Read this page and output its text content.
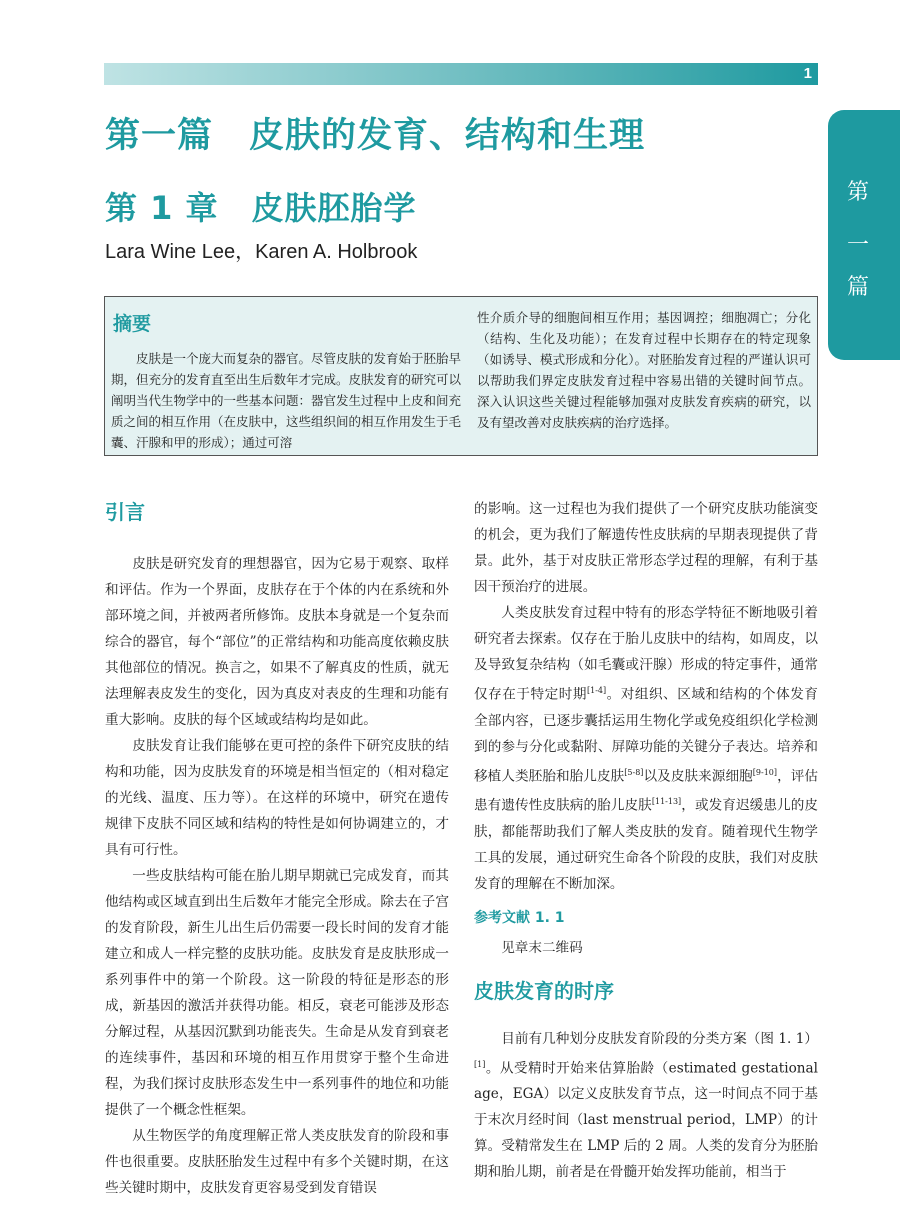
1
第
一
篇
第一篇　皮肤的发育、结构和生理
第 1 章　皮肤胚胎学
Lara Wine Lee，Karen A. Holbrook
摘要

皮肤是一个庞大而复杂的器官。尽管皮肤的发育始于胚胎早期，但充分的发育直至出生后数年才完成。皮肤发育的研究可以阐明当代生物学中的一些基本问题：器官发生过程中上皮和间充质之间的相互作用（在皮肤中，这些组织间的相互作用发生于毛囊、汗腺和甲的形成）；通过可溶

性介质介导的细胞间相互作用；基因调控；细胞凋亡；分化（结构、生化及功能）；在发育过程中长期存在的特定现象（如诱导、模式形成和分化）。对胚胎发育过程的严谨认识可以帮助我们界定皮肤发育过程中容易出错的关键时间节点。深入认识这些关键过程能够加强对皮肤发育疾病的研究，以及有望改善对皮肤疾病的治疗选择。

引言

皮肤是研究发育的理想器官，因为它易于观察、取样和评估。作为一个界面，皮肤存在于个体的内在系统和外部环境之间，并被两者所修饰。皮肤本身就是一个复杂而综合的器官，每个“部位”的正常结构和功能高度依赖皮肤其他部位的情况。换言之，如果不了解真皮的性质，就无法理解表皮发生的变化，因为真皮对表皮的生理和功能有重大影响。皮肤的每个区域或结构均是如此。

皮肤发育让我们能够在更可控的条件下研究皮肤的结构和功能，因为皮肤发育的环境是相当恒定的（相对稳定的光线、温度、压力等）。在这样的环境中，研究在遗传规律下皮肤不同区域和结构的特性是如何协调建立的，才具有可行性。

一些皮肤结构可能在胎儿期早期就已完成发育，而其他结构或区域直到出生后数年才能完全形成。除去在子宫的发育阶段，新生儿出生后仍需要一段长时间的发育才能建立和成人一样完整的皮肤功能。皮肤发育是皮肤形成一系列事件中的第一个阶段。这一阶段的特征是形态的形成，新基因的激活并获得功能。相反，衰老可能涉及形态分解过程，从基因沉默到功能丧失。生命是从发育到衰老的连续事件，基因和环境的相互作用贯穿于整个生命进程，为我们探讨皮肤形态发生中一系列事件的地位和功能提供了一个概念性框架。

从生物医学的角度理解正常人类皮肤发育的阶段和事件也很重要。皮肤胚胎发生过程中有多个关键时期，在这些关键时期中，皮肤发育更容易受到发育错误

的影响。这一过程也为我们提供了一个研究皮肤功能演变的机会，更为我们了解遗传性皮肤病的早期表现提供了背景。此外，基于对皮肤正常形态学过程的理解，有利于基因干预治疗的进展。

人类皮肤发育过程中特有的形态学特征不断地吸引着研究者去探索。仅存在于胎儿皮肤中的结构，如周皮，以及导致复杂结构（如毛囊或汗腺）形成的特定事件，通常仅存在于特定时期[1-4]。对组织、区域和结构的个体发育全部内容，已逐步囊括运用生物化学或免疫组织化学检测到的参与分化或黏附、屏障功能的关键分子表达。培养和移植人类胚胎和胎儿皮肤[5-8]以及皮肤来源细胞[9-10]，评估患有遗传性皮肤病的胎儿皮肤[11-13]，或发育迟缓患儿的皮肤，都能帮助我们了解人类皮肤的发育。随着现代生物学工具的发展，通过研究生命各个阶段的皮肤，我们对皮肤发育的理解在不断加深。

参考文献 1. 1

见章末二维码

皮肤发育的时序

目前有几种划分皮肤发育阶段的分类方案（图 1. 1）[1]。从受精时开始来估算胎龄（estimated gestational age，EGA）以定义皮肤发育节点，这一时间点不同于基于末次月经时间（last menstrual period，LMP）的计算。受精常发生在 LMP 后的 2 周。人类的发育分为胚胎期和胎儿期，前者是在骨髓开始发挥功能前，相当于
